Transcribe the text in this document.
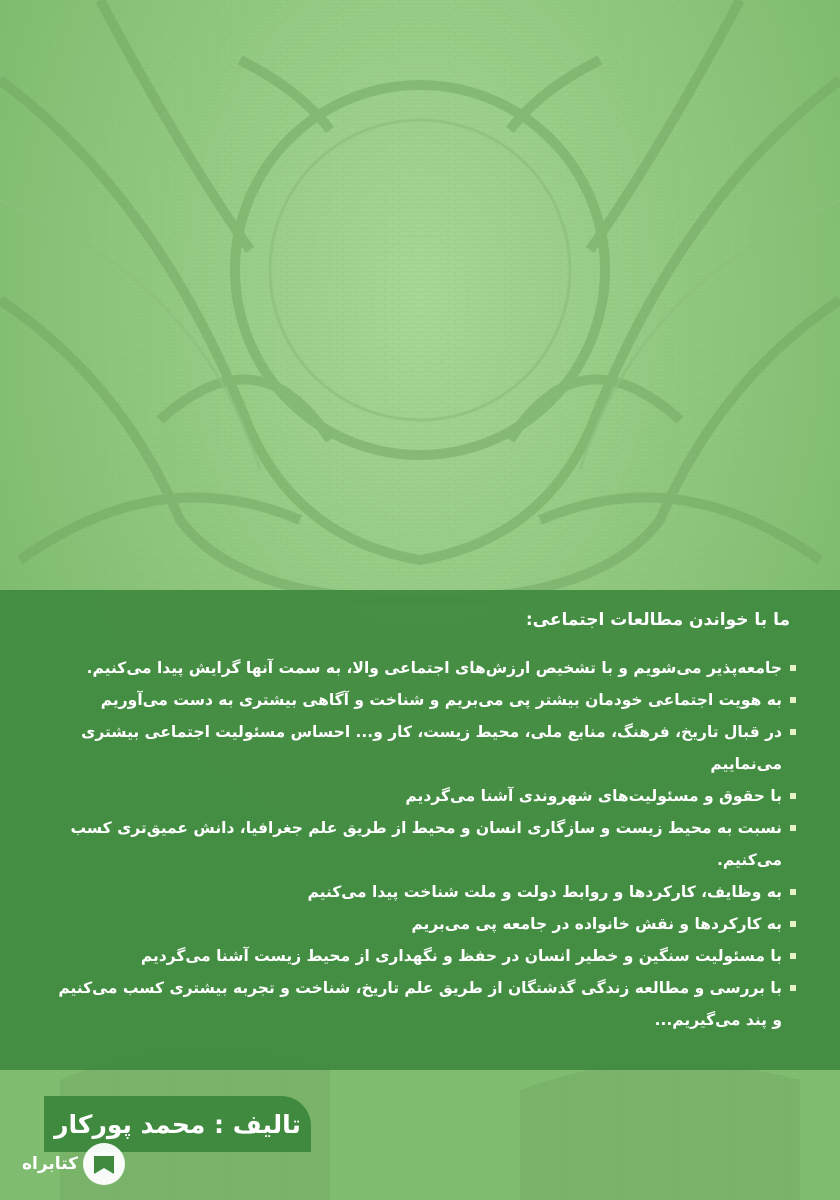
ما با خواندن مطالعات اجتماعی:
جامعه‌پذیر می‌شویم و با تشخیص ارزش‌های اجتماعی والا، به سمت آنها گرایش پیدا می‌کنیم.
به هویت اجتماعی خودمان بیشتر پی می‌بریم و شناخت و آگاهی بیشتری به دست می‌آوریم
در قبال تاریخ، فرهنگ، منابع ملی، محیط زیست، کار و... احساس مسئولیت اجتماعی بیشتری می‌نماییم
با حقوق و مسئولیت‌های شهروندی آشنا می‌گردیم
نسبت به محیط زیست و سازگاری انسان و محیط از طریق علم جغرافیا، دانش عمیق‌تری کسب می‌کنیم.
به وظایف، کارکردها و روابط دولت و ملت شناخت پیدا می‌کنیم
به کارکردها و نقش خانواده در جامعه پی می‌بریم
با مسئولیت سنگین و خطیر انسان در حفظ و نگهداری از محیط زیست آشنا می‌گردیم
با بررسی و مطالعه زندگی گذشتگان از طریق علم تاریخ، شناخت و تجربه بیشتری کسب می‌کنیم و پند می‌گیریم...
تالیف : محمد پورکار
کتابراه
